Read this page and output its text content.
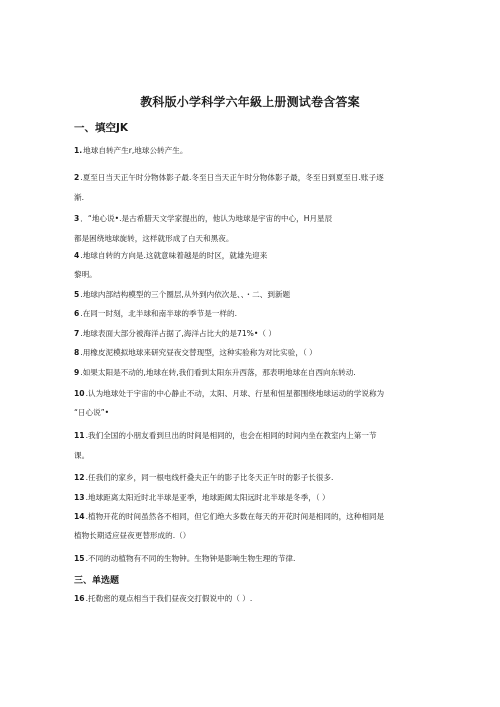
教科版小学科学六年級上册测试卷含答案
一、填空JK
1.地球自转产生r,地球公转产生。
2.夏至日当天正午时分物体影子最.冬至日当天正午时分物体影子最，冬至日到夏至日.账子逐
渐.
3．“地心说•.是古希腊天文学家提出的，他认为地球是宇宙的中心，H月星辰
都是困绕地球旋转，这样就形成了白天和黑夜。
4.地球自转的方向是.这就意味着越是的时区，就雄先迎来
黎明。
5.地球内部结构模型的三个圈层,从外到内依次是、、・二、到新题
6.在同一时刻，北半球和南半球的季节是一样的.
7.地球表面大部分被海洋占据了,海洋占比大的是71%•（ ）
8.用橡皮泥模拟地球来研究昼夜交替现型，这种实验称为对比实验，（ ）
9.如果太阳是不动的,地球在转,我们看到太阳东升西落，那表明地球在自西向东转动.
10.认为地球处于宇宙的中心静止不动，太阳、月球、行星和恒星都围绕地球运动的学说称为
“日心说”•
11.我们全国的小朋友看到旦出的时间是相同的，也会在相同的时间内坐在教室内上第一节
课。
12.任我们的家乡，同一根电线杆叠夫正午的影子比冬天正午时的影子长很多.
13.地球距离太阳近时北半球是亚季，地球距阈太阳远时北半球是冬季，（ ）
14.植物开花的时间虽然各不相同，但它们绝大多数在每天的开花时间是相同的，这种相同是
植物长期适应昼夜更替形成的.（）
15.不同的动植物有不同的生物钟。生物钟是影响生物生理的节律.
三、单选题
16.托勒密的观点相当于我们昼夜交打假说中的（ ）.
